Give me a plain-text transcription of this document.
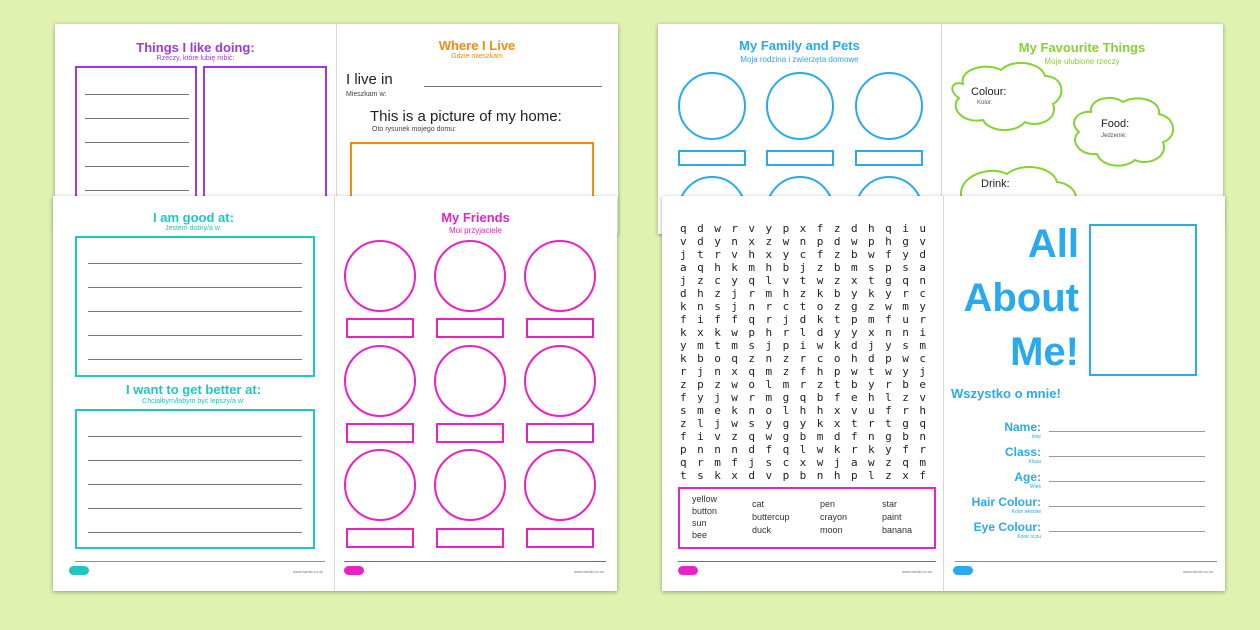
Things I like doing:
Rzeczy, które lubię robić:
Where I Live
Gdzie mieszkam
I live in
Mieszkam w:
This is a picture of my home:
Oto rysunek mojego domu:
My Family and Pets
Moja rodzina i zwierzęta domowe
My Favourite Things
Moje ulubione rzeczy
Colour:
Kolor:
Food:
Jedzenie:
Drink:
I am good at:
Jestem dobry/a w:
I want to get better at:
Chciałbym/łabym być lepszy/a w:
www.twinkl.co.uk
My Friends
Moi przyjaciele
www.twinkl.co.uk
q d w r v y p x f z d h q i u
v d y n x z w n p d w p h g v
j t r v h x y c f z b w f y d
a q h k m h b j z b m s p s a
j z c y q l v t w z x t g q n
d h z j r m h z k b y k y r c
k n s j n r c t o z g z w m y
f i f f q r j d k t p m f u r
k x k w p h r l d y y x n n i
y m t m s j p i w k d j y s m
k b o q z n z r c o h d p w c
r j n x q m z f h p w t w y j
z p z w o l m r z t b y r b e
f y j w r m g q b f e h l z v
s m e k n o l h h x v u f r h
z l j w s y g y k x t r t g q
f i v z q w g b m d f n g b n
p n n n d f q l w k r k y f r
q r m f j s c x w j a w z q m
t s k x d v p b n h p l z x f
yellow
button
sun
bee
cat
buttercup
duck
pen
crayon
moon
star
paint
banana
www.twinkl.co.uk
All
About
Me!
Wszystko o mnie!
Name:
Imię
Class:
Klasa
Age:
Wiek
Hair Colour:
Kolor włosów
Eye Colour:
Kolor oczu
www.twinkl.co.uk
